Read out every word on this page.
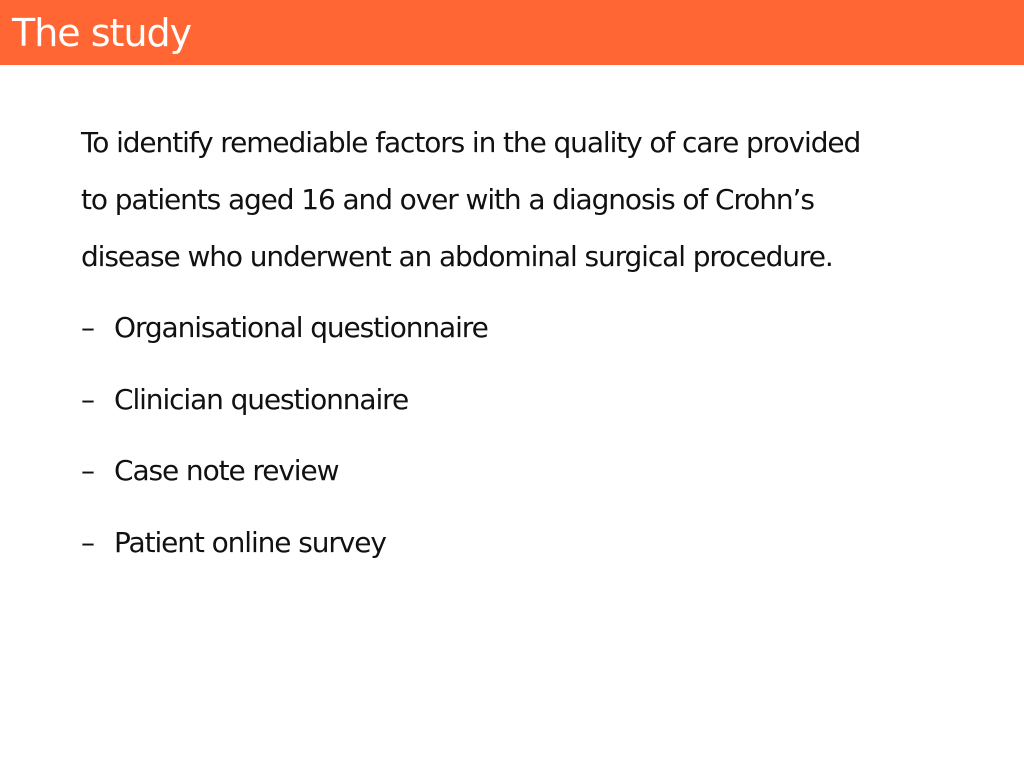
The study

To identify remediable factors in the quality of care provided
to patients aged 16 and over with a diagnosis of Crohn’s
disease who underwent an abdominal surgical procedure.

– Organisational questionnaire
– Clinician questionnaire
– Case note review
– Patient online survey
